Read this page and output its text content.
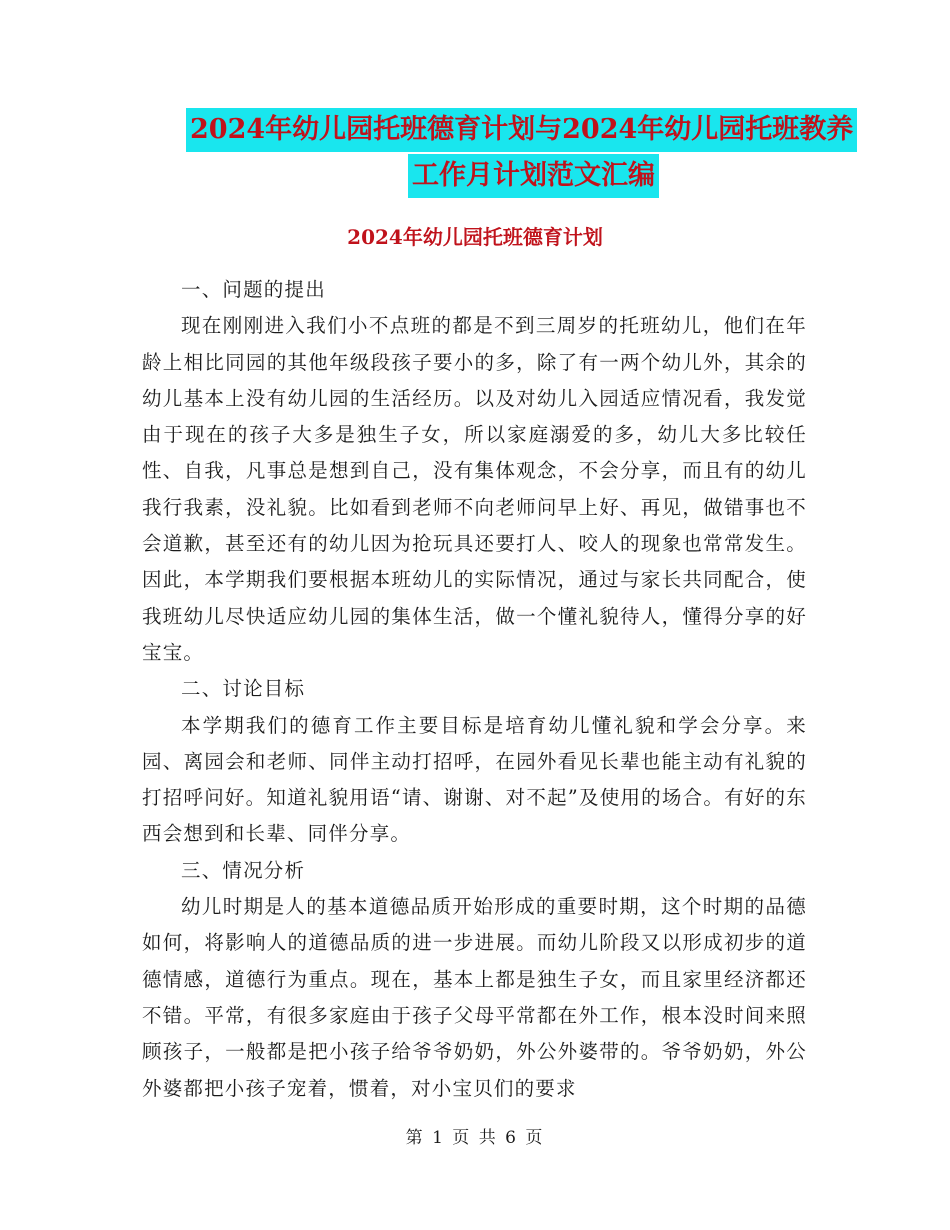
2024年幼儿园托班德育计划与2024年幼儿园托班教养
工作月计划范文汇编
2024年幼儿园托班德育计划

一、问题的提出

现在刚刚进入我们小不点班的都是不到三周岁的托班幼儿，他们在年龄上相比同园的其他年级段孩子要小的多，除了有一两个幼儿外，其余的幼儿基本上没有幼儿园的生活经历。以及对幼儿入园适应情况看，我发觉由于现在的孩子大多是独生子女，所以家庭溺爱的多，幼儿大多比较任性、自我，凡事总是想到自己，没有集体观念，不会分享，而且有的幼儿我行我素，没礼貌。比如看到老师不向老师问早上好、再见，做错事也不会道歉，甚至还有的幼儿因为抢玩具还要打人、咬人的现象也常常发生。因此，本学期我们要根据本班幼儿的实际情况，通过与家长共同配合，使我班幼儿尽快适应幼儿园的集体生活，做一个懂礼貌待人，懂得分享的好宝宝。

二、讨论目标

本学期我们的德育工作主要目标是培育幼儿懂礼貌和学会分享。来园、离园会和老师、同伴主动打招呼，在园外看见长辈也能主动有礼貌的打招呼问好。知道礼貌用语“请、谢谢、对不起”及使用的场合。有好的东西会想到和长辈、同伴分享。

三、情况分析

幼儿时期是人的基本道德品质开始形成的重要时期，这个时期的品德如何，将影响人的道德品质的进一步进展。而幼儿阶段又以形成初步的道德情感，道德行为重点。现在，基本上都是独生子女，而且家里经济都还不错。平常，有很多家庭由于孩子父母平常都在外工作，根本没时间来照顾孩子，一般都是把小孩子给爷爷奶奶，外公外婆带的。爷爷奶奶，外公外婆都把小孩子宠着，惯着，对小宝贝们的要求

第 1 页 共 6 页
